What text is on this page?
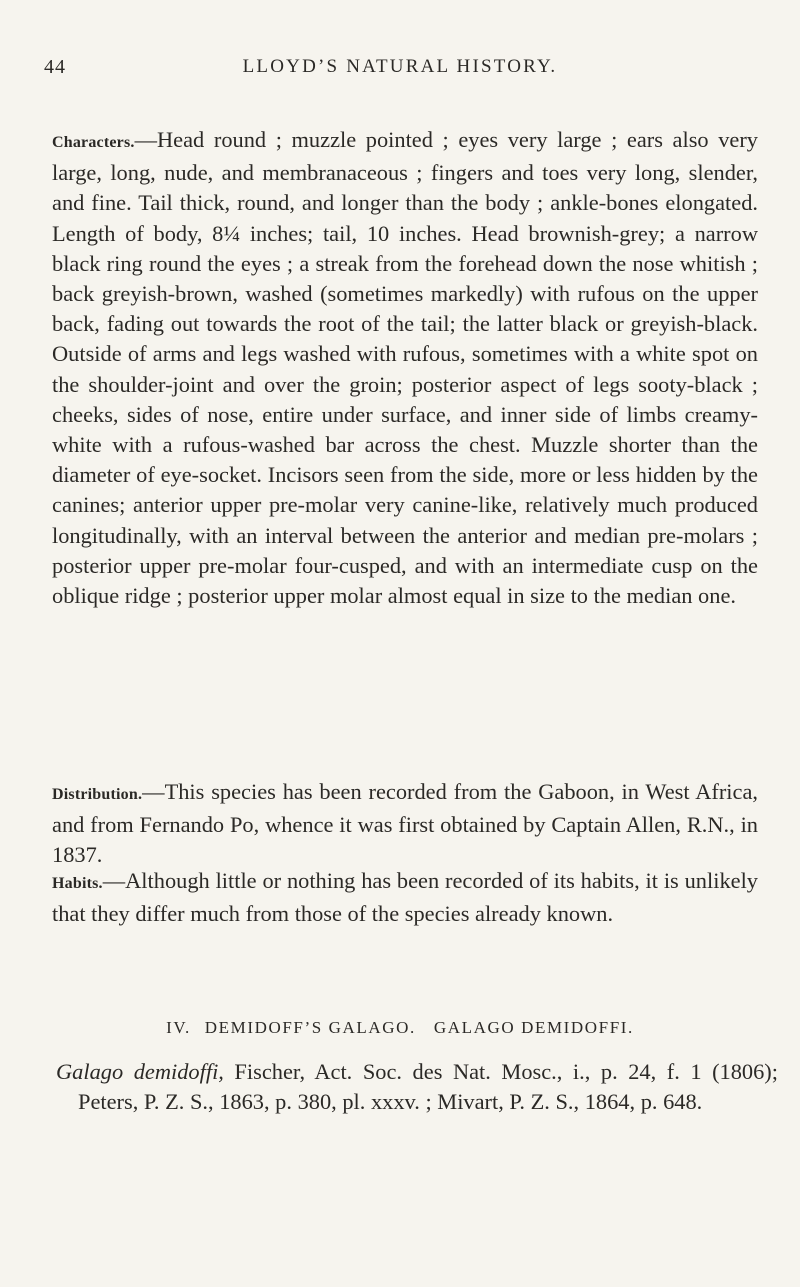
44	LLOYD’S NATURAL HISTORY.

Characters.—Head round ; muzzle pointed ; eyes very large ; ears also very large, long, nude, and membranaceous ; fingers and toes very long, slender, and fine. Tail thick, round, and longer than the body ; ankle-bones elongated. Length of body, 8¼ inches; tail, 10 inches. Head brownish-grey; a narrow black ring round the eyes ; a streak from the forehead down the nose whitish ; back greyish-brown, washed (sometimes markedly) with rufous on the upper back, fading out towards the root of the tail; the latter black or greyish-black. Outside of arms and legs washed with rufous, sometimes with a white spot on the shoulder-joint and over the groin; posterior aspect of legs sooty-black ; cheeks, sides of nose, entire under surface, and inner side of limbs creamy-white with a rufous-washed bar across the chest. Muzzle shorter than the diameter of eye-socket. Incisors seen from the side, more or less hidden by the canines; anterior upper pre-molar very canine-like, relatively much produced longitudinally, with an interval between the anterior and median pre-molars ; posterior upper pre-molar four-cusped, and with an intermediate cusp on the oblique ridge ; posterior upper molar almost equal in size to the median one.

Distribution.—This species has been recorded from the Gaboon, in West Africa, and from Fernando Po, whence it was first obtained by Captain Allen, R.N., in 1837.

Habits.—Although little or nothing has been recorded of its habits, it is unlikely that they differ much from those of the species already known.

IV. DEMIDOFF’S GALAGO. GALAGO DEMIDOFFI.
Galago demidoffi, Fischer, Act. Soc. des Nat. Mosc., i., p. 24, f. 1 (1806); Peters, P. Z. S., 1863, p. 380, pl. xxxv. ; Mivart, P. Z. S., 1864, p. 648.
